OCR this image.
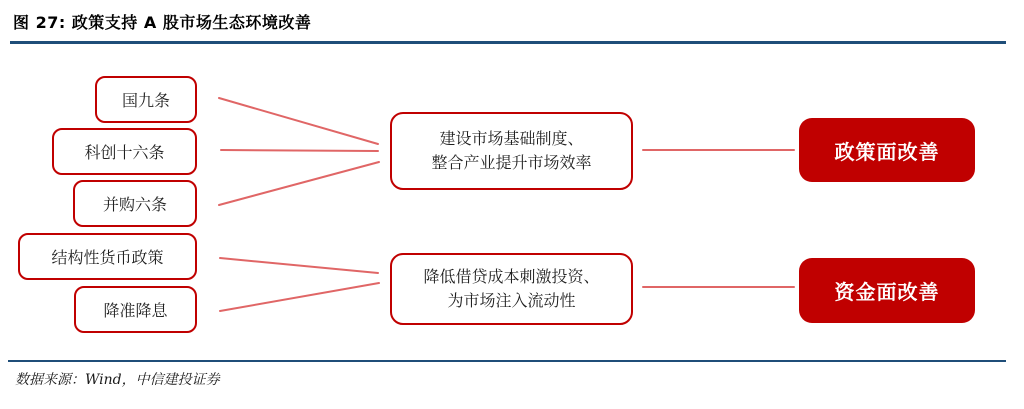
图 27: 政策支持 A 股市场生态环境改善
国九条
科创十六条
并购六条
结构性货币政策
降准降息
建设市场基础制度、
整合产业提升市场效率
降低借贷成本刺激投资、
为市场注入流动性
政策面改善
资金面改善
数据来源：Wind，中信建投证券
